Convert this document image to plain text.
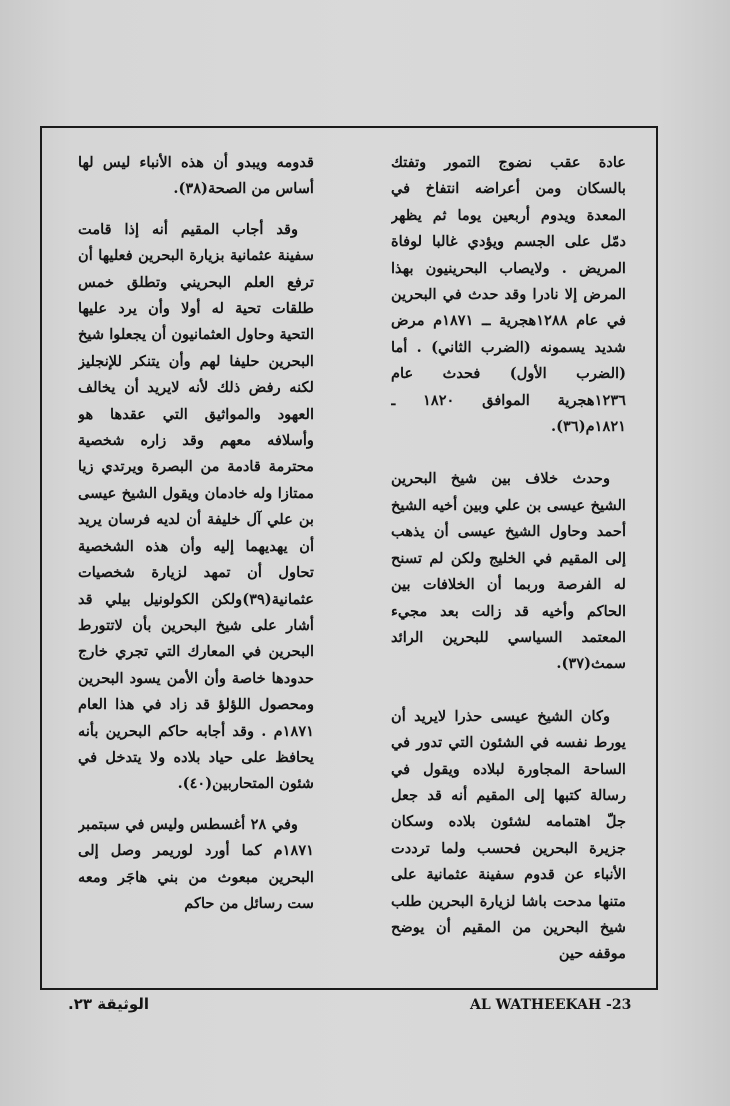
عادة عقب نضوج التمور وتفتك بالسكان ومن أعراضه انتفاخ في المعدة ويدوم أربعين يوما ثم يظهر دمّل على الجسم ويؤدي غالبا لوفاة المريض . ولايصاب البحرينيون بهذا المرض إلا نادرا وقد حدث في البحرين في عام ١٢٨٨هجرية ــ ١٨٧١م مرض شديد يسمونه (الضرب الثاني) . أما (الضرب الأول) فحدث عام ١٢٣٦هجرية الموافق ١٨٢٠ ـ ١٨٢١م(٣٦).

وحدث خلاف بين شيخ البحرين الشيخ عيسى بن علي وبين أخيه الشيخ أحمد وحاول الشيخ عيسى أن يذهب إلى المقيم في الخليج ولكن لم تسنح له الفرصة وربما أن الخلافات بين الحاكم وأخيه قد زالت بعد مجيء المعتمد السياسي للبحرين الرائد سمث(٣٧).

وكان الشيخ عيسى حذرا لايريد أن يورط نفسه في الشئون التي تدور في الساحة المجاورة لبلاده ويقول في رسالة كتبها إلى المقيم أنه قد جعل جلّ اهتمامه لشئون بلاده وسكان جزيرة البحرين فحسب ولما ترددت الأنباء عن قدوم سفينة عثمانية على متنها مدحت باشا لزيارة البحرين طلب شيخ البحرين من المقيم أن يوضح موقفه حين

قدومه ويبدو أن هذه الأنباء ليس لها أساس من الصحة(٣٨).

وقد أجاب المقيم أنه إذا قامت سفينة عثمانية بزيارة البحرين فعليها أن ترفع العلم البحريني وتطلق خمس طلقات تحية له أولا وأن يرد عليها التحية وحاول العثمانيون أن يجعلوا شيخ البحرين حليفا لهم وأن يتنكر للإنجليز لكنه رفض ذلك لأنه لايريد أن يخالف العهود والمواثيق التي عقدها هو وأسلافه معهم وقد زاره شخصية محترمة قادمة من البصرة ويرتدي زيا ممتازا وله خادمان ويقول الشيخ عيسى بن علي آل خليفة أن لديه فرسان يريد أن يهديهما إليه وأن هذه الشخصية تحاول أن تمهد لزيارة شخصيات عثمانية(٣٩)ولكن الكولونيل بيلي قد أشار على شيخ البحرين بأن لاتتورط البحرين في المعارك التي تجري خارج حدودها خاصة وأن الأمن يسود البحرين ومحصول اللؤلؤ قد زاد في هذا العام ١٨٧١م . وقد أجابه حاكم البحرين بأنه يحافظ على حياد بلاده ولا يتدخل في شئون المتحاربين(٤٠).

وفي ٢٨ أغسطس وليس في سبتمبر ١٨٧١م كما أورد لوريمر وصل إلى البحرين مبعوث من بني هاجَر ومعه ست رسائل من حاكم

AL WATHEEKAH -23
الوثيقة ٢٣.
